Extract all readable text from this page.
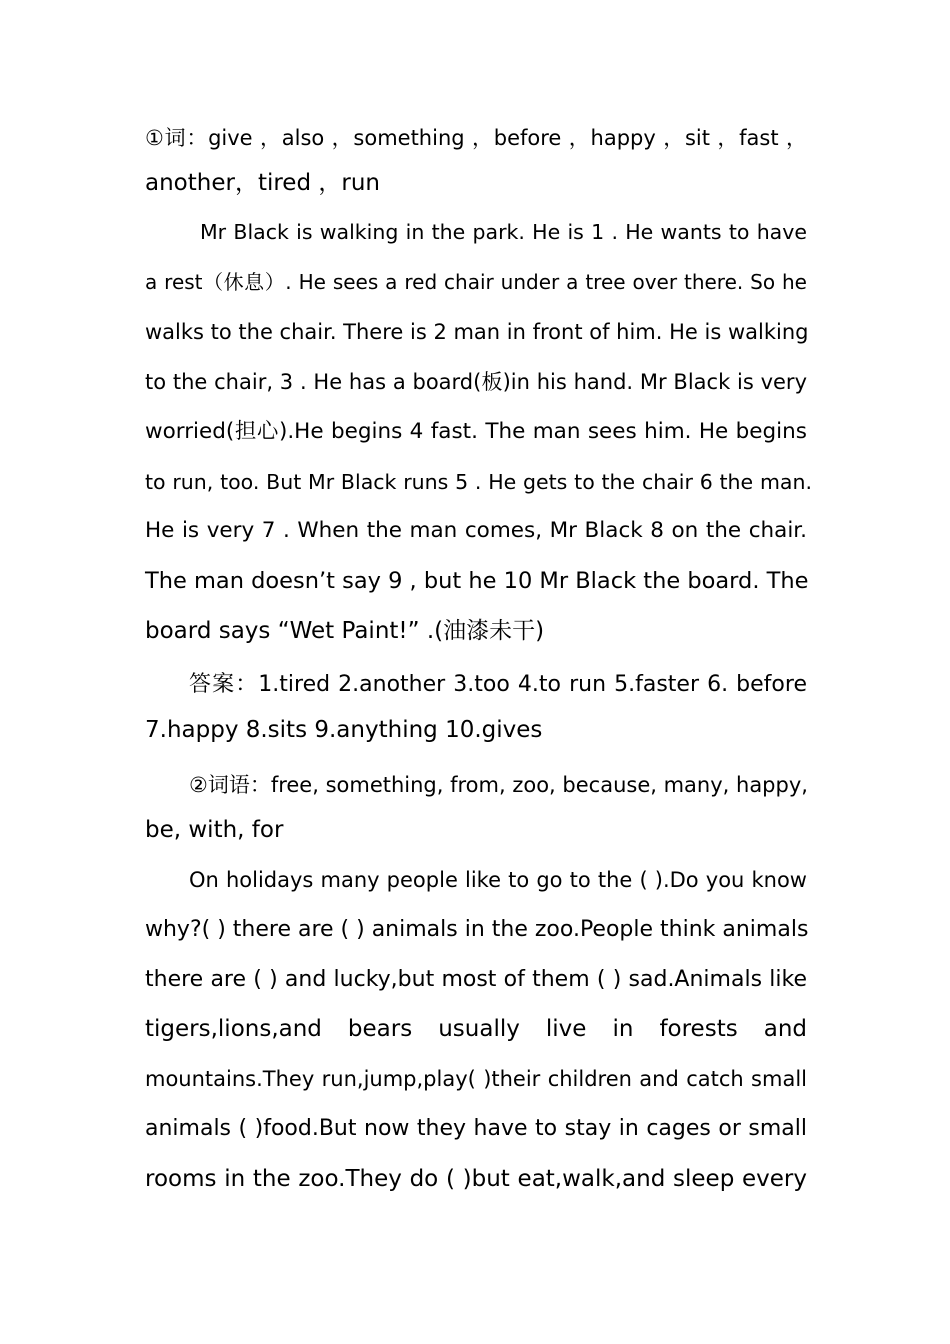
①词：give ，also ，something ，before ，happy ，sit ，fast ，
another，tired ，run
Mr Black is walking in the park. He is 1 . He wants to have
a rest（休息）. He sees a red chair under a tree over there. So he
walks to the chair. There is 2 man in front of him. He is walking
to the chair, 3 . He has a board(板)in his hand. Mr Black is very
worried(担心).He begins 4 fast. The man sees him. He begins
to run, too. But Mr Black runs 5 . He gets to the chair 6 the man.
He is very 7 . When the man comes, Mr Black 8 on the chair.
The man doesn’t say 9 , but he 10 Mr Black the board. The
board says “Wet Paint!” .(油漆未干)
答案：1.tired 2.another 3.too 4.to run 5.faster 6. before
7.happy 8.sits 9.anything 10.gives
②词语：free, something, from, zoo, because, many, happy,
be, with, for
On holidays many people like to go to the ( ).Do you know
why?( ) there are ( ) animals in the zoo.People think animals
there are ( ) and lucky,but most of them ( ) sad.Animals like
tigers,lions,and bears usually live in forests and
mountains.They run,jump,play( )their children and catch small
animals ( )food.But now they have to stay in cages or small
rooms in the zoo.They do ( )but eat,walk,and sleep every
